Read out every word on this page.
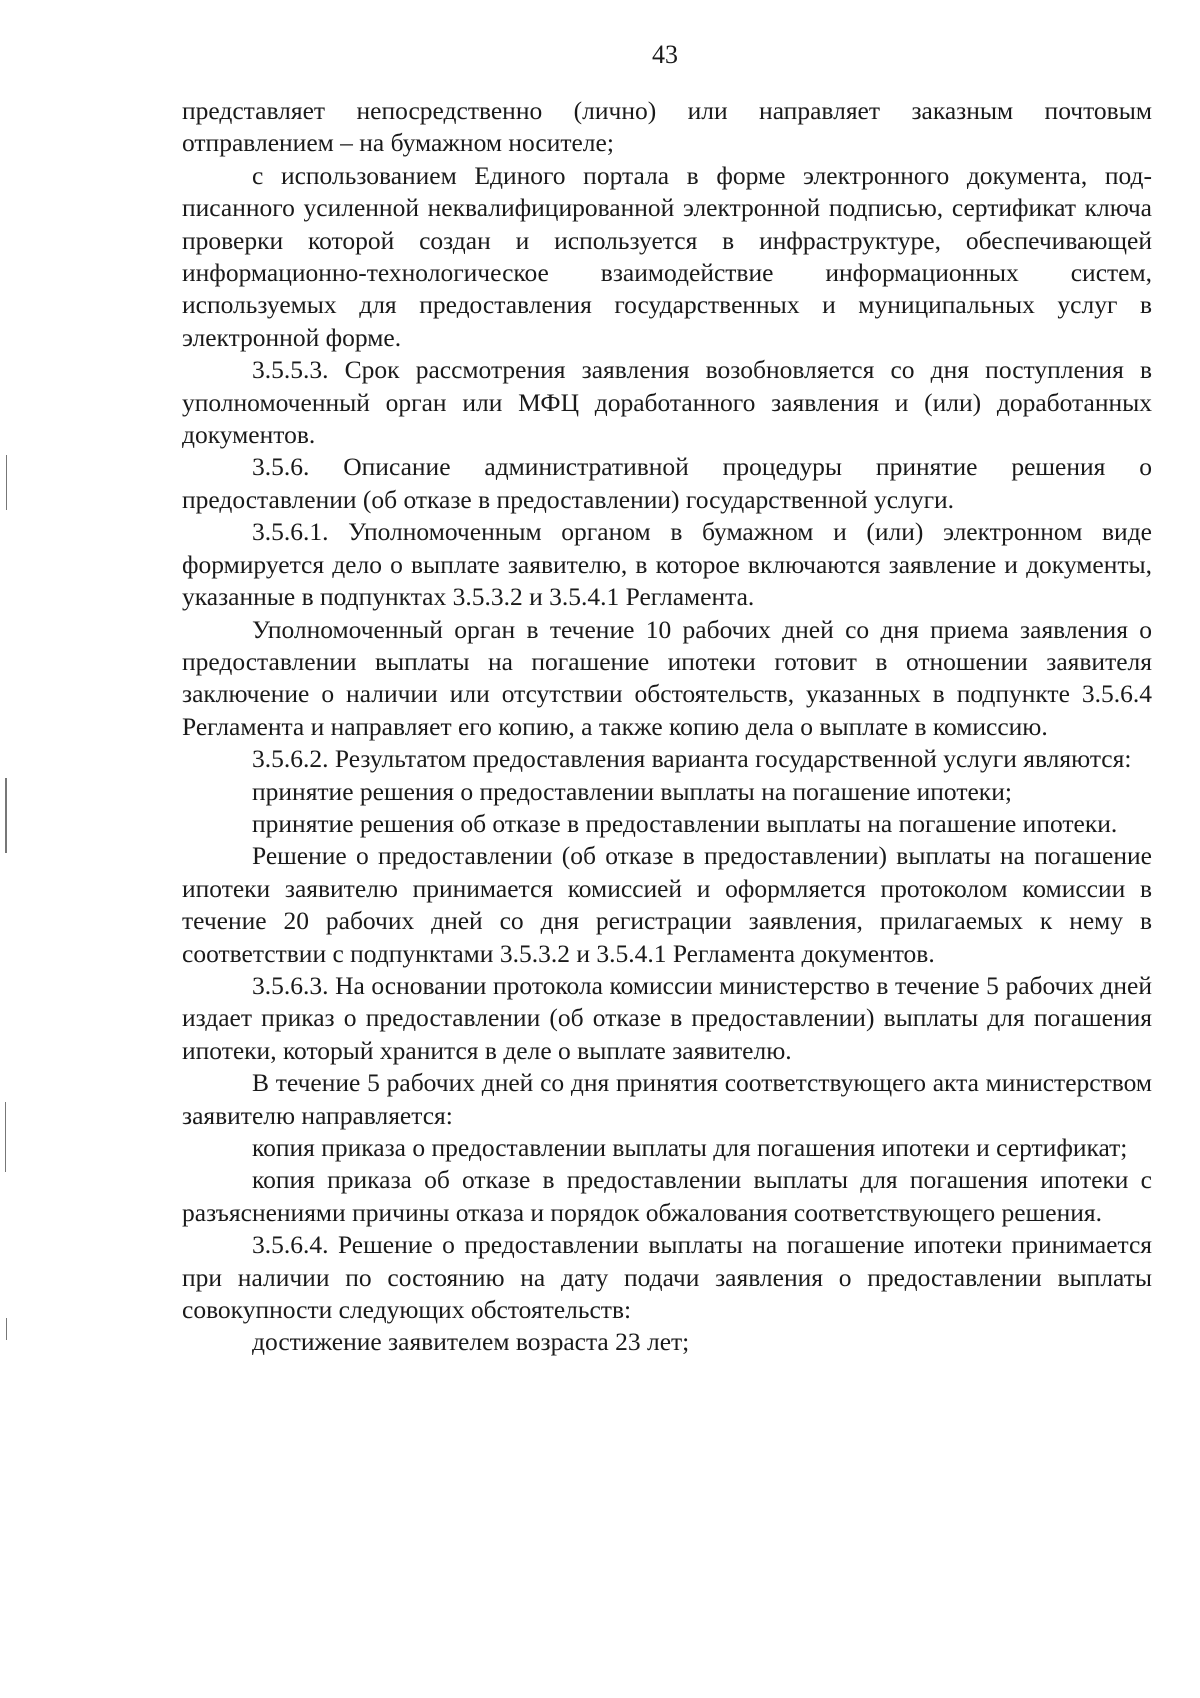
43

представляет непосредственно (лично) или направляет заказным почтовым отправлением – на бумажном носителе;

с использованием Единого портала в форме электронного документа, подписанного усиленной неквалифицированной электронной подписью, сертификат ключа проверки которой создан и используется в инфраструктуре, обеспечивающей информационно-технологическое взаимодействие информационных систем, используемых для предоставления государственных и муниципальных услуг в электронной форме.

3.5.5.3. Срок рассмотрения заявления возобновляется со дня поступления в уполномоченный орган или МФЦ доработанного заявления и (или) доработанных документов.

3.5.6. Описание административной процедуры принятие решения о предоставлении (об отказе в предоставлении) государственной услуги.

3.5.6.1. Уполномоченным органом в бумажном и (или) электронном виде формируется дело о выплате заявителю, в которое включаются заявление и документы, указанные в подпунктах 3.5.3.2 и 3.5.4.1 Регламента.

Уполномоченный орган в течение 10 рабочих дней со дня приема заявления о предоставлении выплаты на погашение ипотеки готовит в отношении заявителя заключение о наличии или отсутствии обстоятельств, указанных в подпункте 3.5.6.4 Регламента и направляет его копию, а также копию дела о выплате в комиссию.

3.5.6.2. Результатом предоставления варианта государственной услуги являются:

принятие решения о предоставлении выплаты на погашение ипотеки;

принятие решения об отказе в предоставлении выплаты на погашение ипотеки.

Решение о предоставлении (об отказе в предоставлении) выплаты на погашение ипотеки заявителю принимается комиссией и оформляется протоколом комиссии в течение 20 рабочих дней со дня регистрации заявления, прилагаемых к нему в соответствии с подпунктами 3.5.3.2 и 3.5.4.1 Регламента документов.

3.5.6.3. На основании протокола комиссии министерство в течение 5 рабочих дней издает приказ о предоставлении (об отказе в предоставлении) выплаты для погашения ипотеки, который хранится в деле о выплате заявителю.

В течение 5 рабочих дней со дня принятия соответствующего акта министерством заявителю направляется:

копия приказа о предоставлении выплаты для погашения ипотеки и сертификат;

копия приказа об отказе в предоставлении выплаты для погашения ипотеки с разъяснениями причины отказа и порядок обжалования соответствующего решения.

3.5.6.4. Решение о предоставлении выплаты на погашение ипотеки принимается при наличии по состоянию на дату подачи заявления о предоставлении выплаты совокупности следующих обстоятельств:

достижение заявителем возраста 23 лет;
